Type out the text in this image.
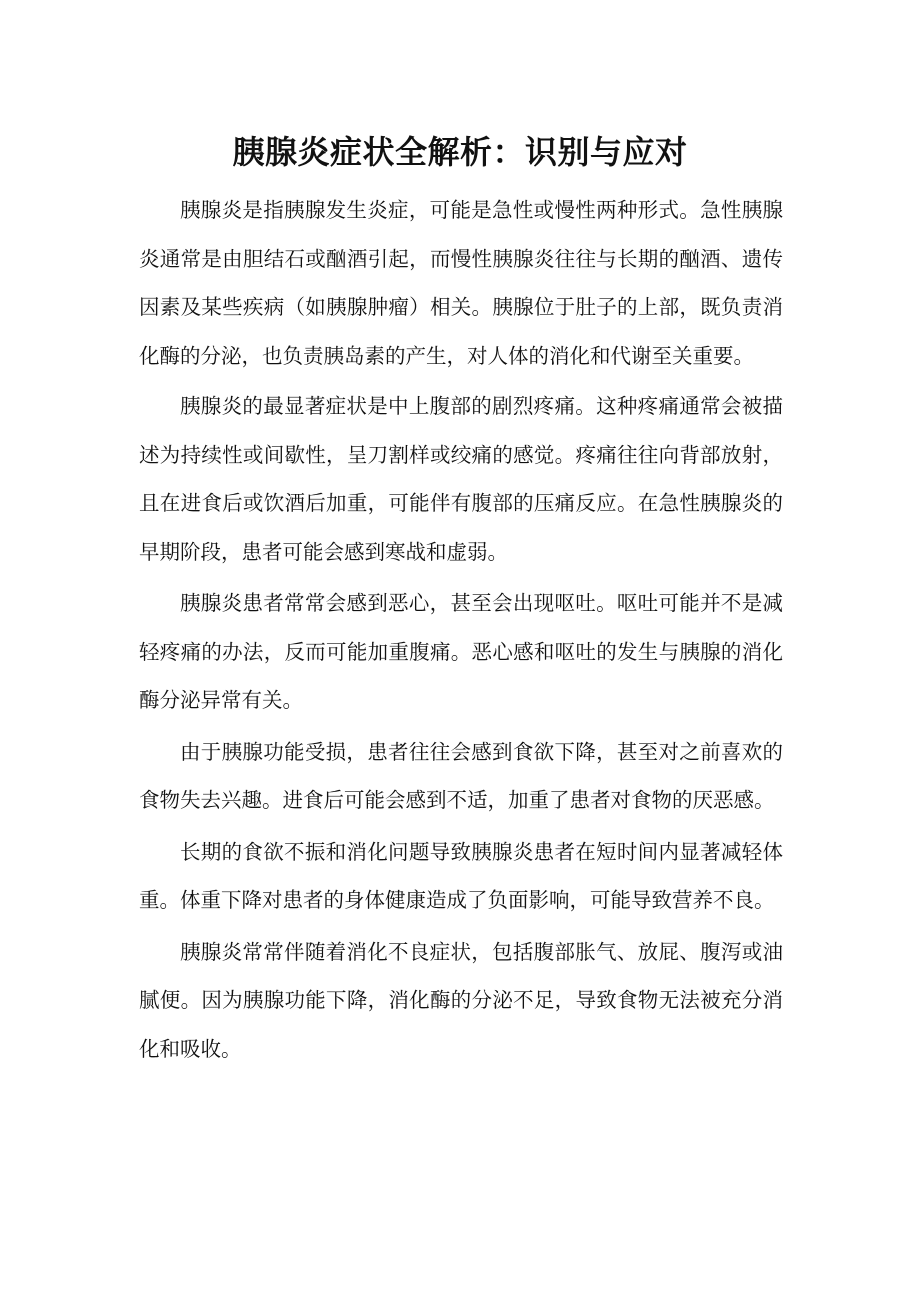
胰腺炎症状全解析：识别与应对

胰腺炎是指胰腺发生炎症，可能是急性或慢性两种形式。急性胰腺炎通常是由胆结石或酗酒引起，而慢性胰腺炎往往与长期的酗酒、遗传因素及某些疾病（如胰腺肿瘤）相关。胰腺位于肚子的上部，既负责消化酶的分泌，也负责胰岛素的产生，对人体的消化和代谢至关重要。

胰腺炎的最显著症状是中上腹部的剧烈疼痛。这种疼痛通常会被描述为持续性或间歇性，呈刀割样或绞痛的感觉。疼痛往往向背部放射，且在进食后或饮酒后加重，可能伴有腹部的压痛反应。在急性胰腺炎的早期阶段，患者可能会感到寒战和虚弱。

胰腺炎患者常常会感到恶心，甚至会出现呕吐。呕吐可能并不是减轻疼痛的办法，反而可能加重腹痛。恶心感和呕吐的发生与胰腺的消化酶分泌异常有关。

由于胰腺功能受损，患者往往会感到食欲下降，甚至对之前喜欢的食物失去兴趣。进食后可能会感到不适，加重了患者对食物的厌恶感。

长期的食欲不振和消化问题导致胰腺炎患者在短时间内显著减轻体重。体重下降对患者的身体健康造成了负面影响，可能导致营养不良。

胰腺炎常常伴随着消化不良症状，包括腹部胀气、放屁、腹泻或油腻便。因为胰腺功能下降，消化酶的分泌不足，导致食物无法被充分消化和吸收。
